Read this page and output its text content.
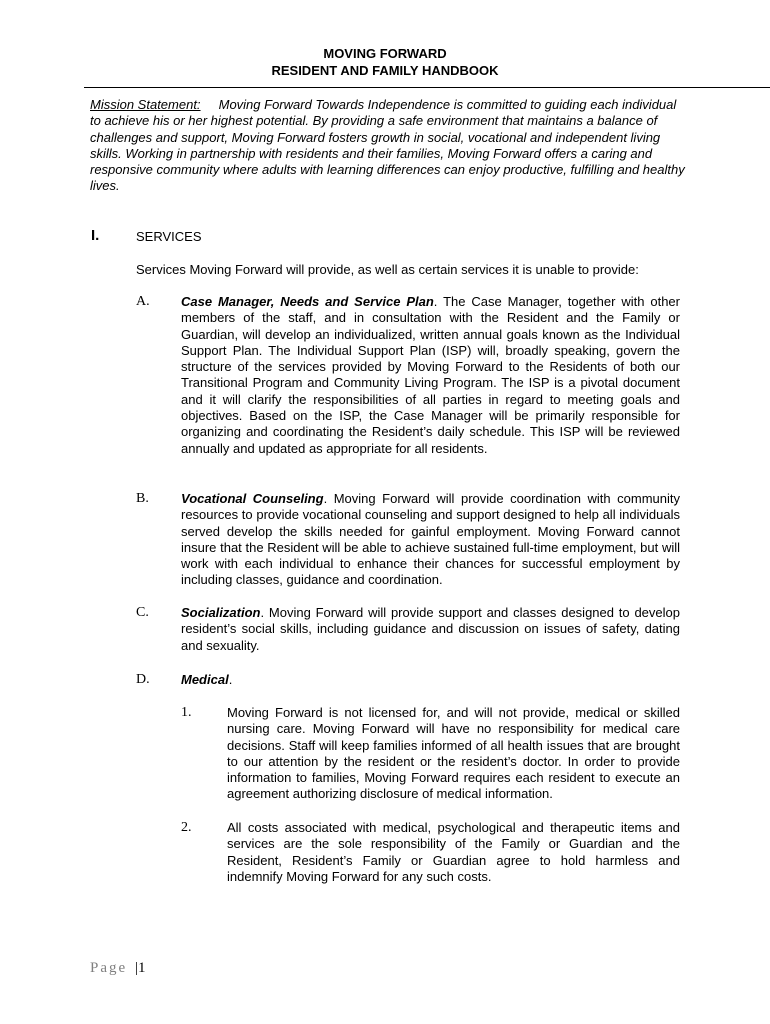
MOVING FORWARD
RESIDENT AND FAMILY HANDBOOK
Mission Statement: Moving Forward Towards Independence is committed to guiding each individual to achieve his or her highest potential. By providing a safe environment that maintains a balance of challenges and support, Moving Forward fosters growth in social, vocational and independent living skills. Working in partnership with residents and their families, Moving Forward offers a caring and responsive community where adults with learning differences can enjoy productive, fulfilling and healthy lives.
I.	SERVICES
Services Moving Forward will provide, as well as certain services it is unable to provide:
A. Case Manager, Needs and Service Plan. The Case Manager, together with other members of the staff, and in consultation with the Resident and the Family or Guardian, will develop an individualized, written annual goals known as the Individual Support Plan. The Individual Support Plan (ISP) will, broadly speaking, govern the structure of the services provided by Moving Forward to the Residents of both our Transitional Program and Community Living Program. The ISP is a pivotal document and it will clarify the responsibilities of all parties in regard to meeting goals and objectives. Based on the ISP, the Case Manager will be primarily responsible for organizing and coordinating the Resident’s daily schedule. This ISP will be reviewed annually and updated as appropriate for all residents.
B. Vocational Counseling. Moving Forward will provide coordination with community resources to provide vocational counseling and support designed to help all individuals served develop the skills needed for gainful employment. Moving Forward cannot insure that the Resident will be able to achieve sustained full-time employment, but will work with each individual to enhance their chances for successful employment by including classes, guidance and coordination.
C. Socialization. Moving Forward will provide support and classes designed to develop resident’s social skills, including guidance and discussion on issues of safety, dating and sexuality.
D. Medical.
1.	Moving Forward is not licensed for, and will not provide, medical or skilled nursing care. Moving Forward will have no responsibility for medical care decisions. Staff will keep families informed of all health issues that are brought to our attention by the resident or the resident’s doctor. In order to provide information to families, Moving Forward requires each resident to execute an agreement authorizing disclosure of medical information.
2.	All costs associated with medical, psychological and therapeutic items and services are the sole responsibility of the Family or Guardian and the Resident, Resident’s Family or Guardian agree to hold harmless and indemnify Moving Forward for any such costs.
Page |1
